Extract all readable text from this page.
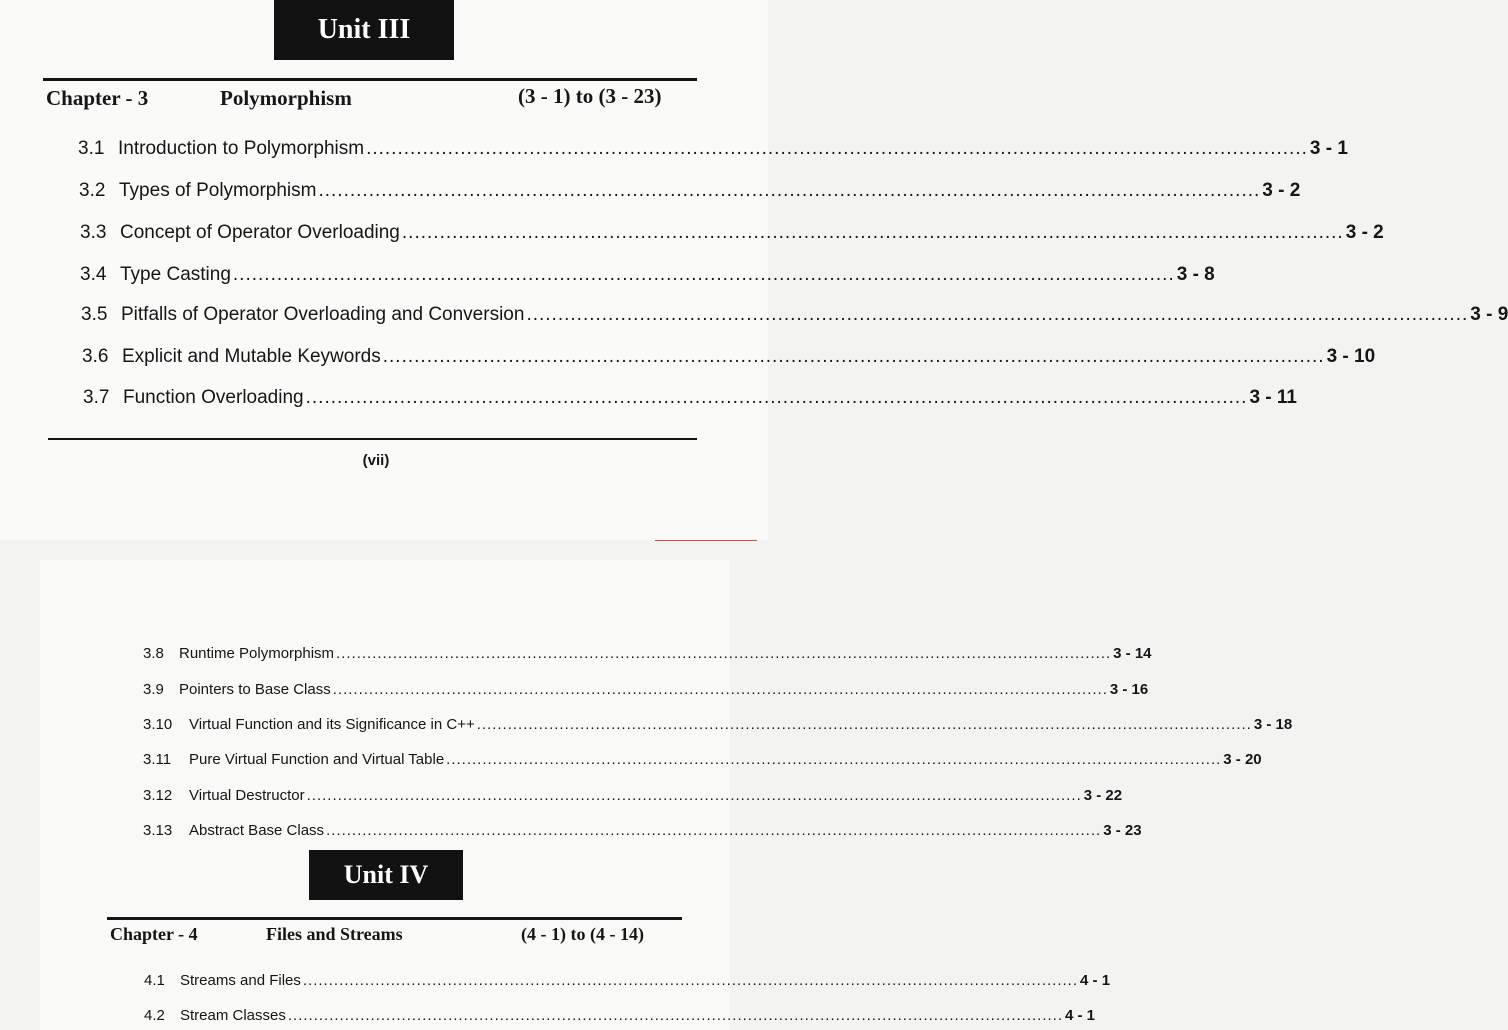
Unit III
Chapter - 3	Polymorphism	(3 - 1) to (3 - 23)
3.1 Introduction to Polymorphism ...................................................................................................................................................... 3 - 1
3.2 Types of Polymorphism ...................................................................................................................................................... 3 - 2
3.3 Concept of Operator Overloading ...................................................................................................................................................... 3 - 2
3.4 Type Casting ...................................................................................................................................................... 3 - 8
3.5 Pitfalls of Operator Overloading and Conversion ...................................................................................................................................................... 3 - 9
3.6 Explicit and Mutable Keywords ...................................................................................................................................................... 3 - 10
3.7 Function Overloading ...................................................................................................................................................... 3 - 11
(vii)
3.8	Runtime Polymorphism ...................................................................................................................................................... 3 - 14
3.9	Pointers to Base Class ...................................................................................................................................................... 3 - 16
3.10	Virtual Function and its Significance in C++ ...................................................................................................................................................... 3 - 18
3.11	Pure Virtual Function and Virtual Table ...................................................................................................................................................... 3 - 20
3.12	Virtual Destructor ...................................................................................................................................................... 3 - 22
3.13	Abstract Base Class ...................................................................................................................................................... 3 - 23
Unit IV
Chapter - 4	Files and Streams	(4 - 1) to (4 - 14)
4.1	Streams and Files ...................................................................................................................................................... 4 - 1
4.2	Stream Classes ...................................................................................................................................................... 4 - 1
